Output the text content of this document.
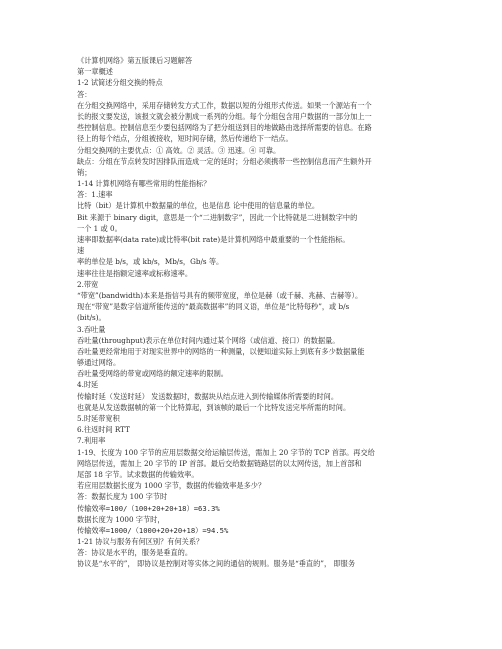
《计算机网络》第五版课后习题解答
第一章概述
1-2 试简述分组交换的特点
答：
在分组交换网络中，采用存储转发方式工作，数据以短的分组形式传送。如果一个源站有一个
长的报文要发送，该报文就会被分割成一系列的分组。每个分组包含用户数据的一部分加上一
些控制信息。控制信息至少要包括网络为了把分组送到目的地做路由选择所需要的信息。在路
径上的每个结点，分组被接收，短时间存储，然后传递给下一结点。
分组交换网的主要优点：① 高效。② 灵活。③ 迅速。④ 可靠。
缺点：分组在节点转发时因排队而造成一定的延时；分组必须携带一些控制信息而产生额外开
销；
1-14 计算机网络有哪些常用的性能指标？
答：1.速率
比特（bit）是计算机中数据量的单位，也是信息 论中使用的信息量的单位。
Bit 来源于 binary digit，意思是一个“二进制数字”，因此一个比特就是二进制数字中的
一个 1 或 0。
速率即数据率(data rate)或比特率(bit rate)是计算机网络中最重要的一个性能指标。
速
率的单位是 b/s，或 kb/s，Mb/s，Gb/s 等。
速率往往是指额定速率或标称速率。
2.带宽
“带宽”(bandwidth)本来是指信号具有的频带宽度，单位是赫（或千赫、兆赫、吉赫等）。
现在“带宽”是数字信道所能传送的“最高数据率”的同义语，单位是“比特每秒”，或 b/s
(bit/s)。
3.吞吐量
吞吐量(throughput)表示在单位时间内通过某个网络（或信道、接口）的数据量。
吞吐量更经常地用于对现实世界中的网络的一种测量，以便知道实际上到底有多少数据量能
够通过网络。
吞吐量受网络的带宽或网络的额定速率的限制。
4.时延
传输时延（发送时延） 发送数据时，数据块从结点进入到传输媒体所需要的时间。
也就是从发送数据帧的第一个比特算起，到该帧的最后一个比特发送完毕所需的时间。
5.时延带宽积
6.往返时间 RTT
7.利用率
1-19、长度为 100 字节的应用层数据交给运输层传送，需加上 20 字节的 TCP 首部。再交给
网络层传送，需加上 20 字节的 IP 首部。最后交给数据链路层的以太网传送，加上首部和
尾部 18 字节。试求数据的传输效率。
若应用层数据长度为 1000 字节，数据的传输效率是多少？
答：数据长度为 100 字节时
传输效率=100/（100+20+20+18）=63.3%
数据长度为 1000 字节时，
传输效率=1000/（1000+20+20+18）=94.5%
1-21 协议与服务有何区别？有何关系？
答：协议是水平的，服务是垂直的。
协议是“水平的”， 即协议是控制对等实体之间的通信的规则。服务是“垂直的”， 即服务
